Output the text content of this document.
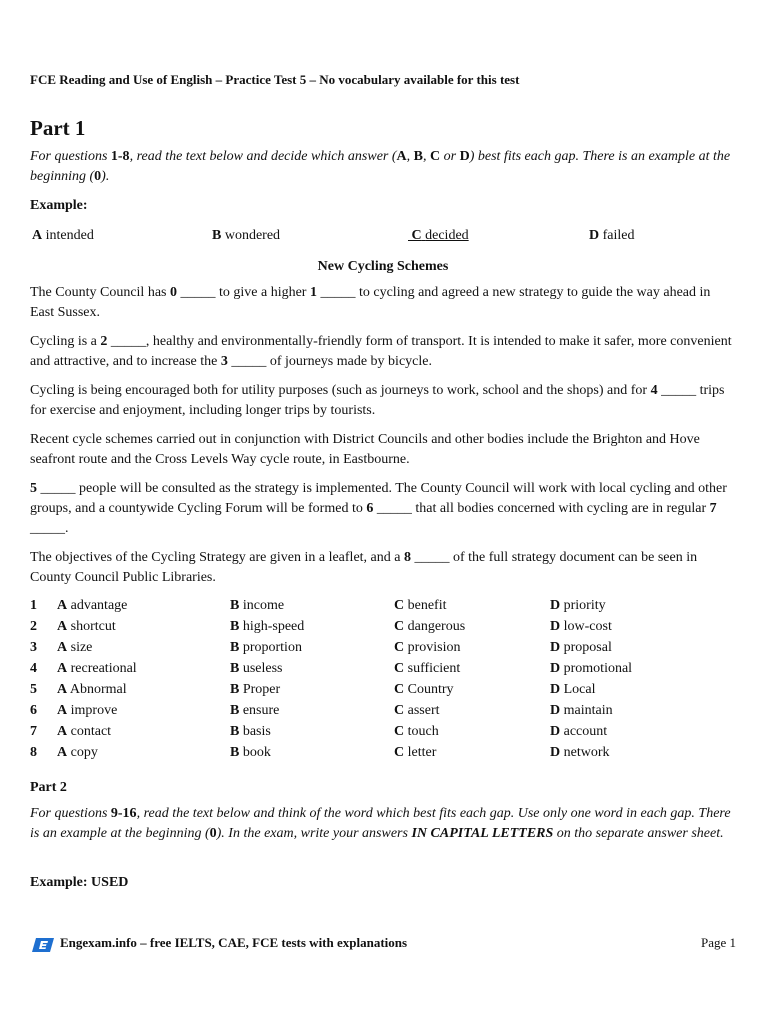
FCE Reading and Use of English – Practice Test 5 – No vocabulary available for this test
Part 1
For questions 1-8, read the text below and decide which answer (A, B, C or D) best fits each gap. There is an example at the beginning (0).
Example:
A intended	B wondered	C decided	D failed
New Cycling Schemes
The County Council has 0 _____ to give a higher 1 _____ to cycling and agreed a new strategy to guide the way ahead in East Sussex.
Cycling is a 2 _____, healthy and environmentally-friendly form of transport. It is intended to make it safer, more convenient and attractive, and to increase the 3 _____ of journeys made by bicycle.
Cycling is being encouraged both for utility purposes (such as journeys to work, school and the shops) and for 4 _____ trips for exercise and enjoyment, including longer trips by tourists.
Recent cycle schemes carried out in conjunction with District Councils and other bodies include the Brighton and Hove seafront route and the Cross Levels Way cycle route, in Eastbourne.
5 _____ people will be consulted as the strategy is implemented. The County Council will work with local cycling and other groups, and a countywide Cycling Forum will be formed to 6 _____ that all bodies concerned with cycling are in regular 7 _____.
The objectives of the Cycling Strategy are given in a leaflet, and a 8 _____ of the full strategy document can be seen in County Council Public Libraries.
1 A advantage	B income	C benefit	D priority
2 A shortcut	B high-speed	C dangerous	D low-cost
3 A size	B proportion	C provision	D proposal
4 A recreational	B useless	C sufficient	D promotional
5 A Abnormal	B Proper	C Country	D Local
6 A improve	B ensure	C assert	D maintain
7 A contact	B basis	C touch	D account
8 A copy	B book	C letter	D network
Part 2
For questions 9-16, read the text below and think of the word which best fits each gap. Use only one word in each gap. There is an example at the beginning (0). In the exam, write your answers IN CAPITAL LETTERS on tho separate answer sheet.
Example: USED
Engexam.info – free IELTS, CAE, FCE tests with explanations	Page 1
